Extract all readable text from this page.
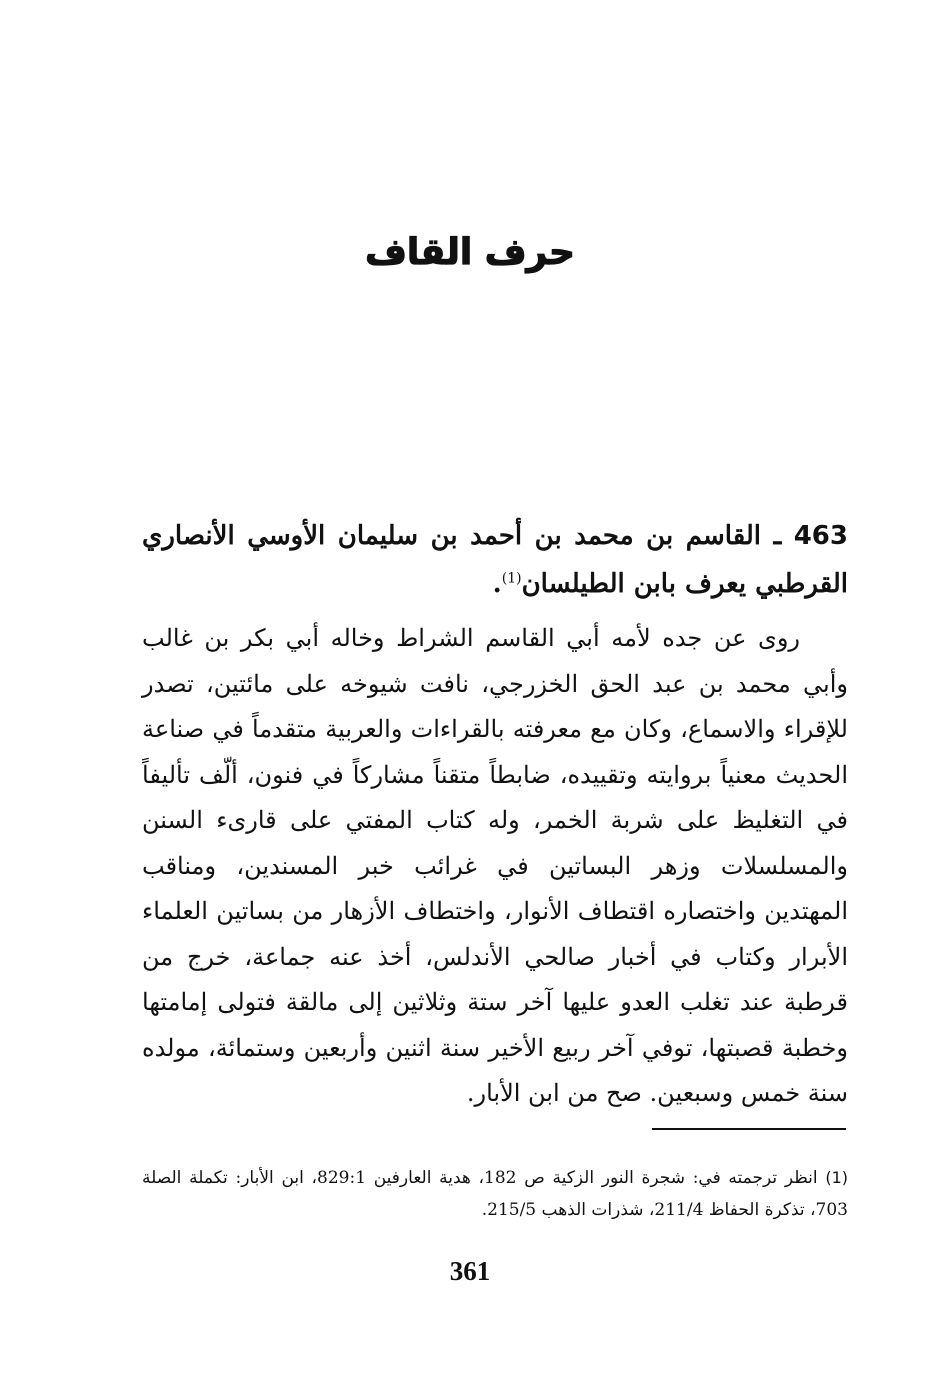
حرف القاف
463 ـ القاسم بن محمد بن أحمد بن سليمان الأوسي الأنصاري القرطبي يعرف بابن الطيلسان$^{(1)}$.
روى عن جده لأمه أبي القاسم الشراط وخاله أبي بكر بن غالب وأبي محمد بن عبد الحق الخزرجي، نافت شيوخه على مائتين، تصدر للإقراء والاسماع، وكان مع معرفته بالقراءات والعربية متقدماً في صناعة الحديث معنياً بروايته وتقييده، ضابطاً متقناً مشاركاً في فنون، ألّف تأليفاً في التغليظ على شربة الخمر، وله كتاب المفتي على قارىء السنن والمسلسلات وزهر البساتين في غرائب خبر المسندين، ومناقب المهتدين واختصاره اقتطاف الأنوار، واختطاف الأزهار من بساتين العلماء الأبرار وكتاب في أخبار صالحي الأندلس، أخذ عنه جماعة، خرج من قرطبة عند تغلب العدو عليها آخر ستة وثلاثين إلى مالقة فتولى إمامتها وخطبة قصبتها، توفي آخر ربيع الأخير سنة اثنين وأربعين وستمائة، مولده سنة خمس وسبعين. صح من ابن الأبار.
(1) انظر ترجمته في: شجرة النور الزكية ص 182، هدية العارفين 829:1، ابن الأبار: تكملة الصلة 703، تذكرة الحفاظ 211/4، شذرات الذهب 215/5.
361
